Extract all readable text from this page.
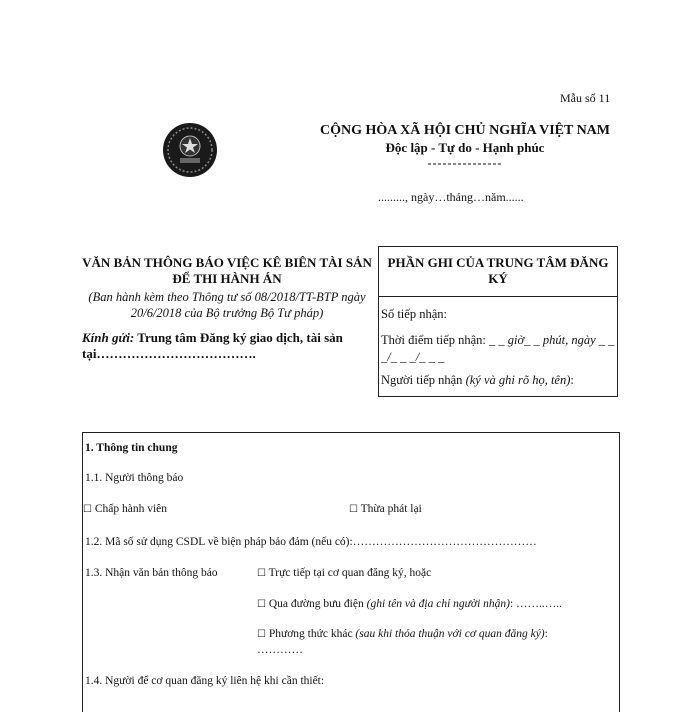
Mẫu số 11
CỘNG HÒA XÃ HỘI CHỦ NGHĨA VIỆT NAM
Độc lập - Tự do - Hạnh phúc
---------------
........., ngày…tháng…năm......
VĂN BẢN THÔNG BÁO VIỆC KÊ BIÊN TÀI SẢN ĐỂ THI HÀNH ÁN
(Ban hành kèm theo Thông tư số 08/2018/TT-BTP ngày 20/6/2018 của Bộ trưởng Bộ Tư pháp)
Kính gửi: Trung tâm Đăng ký giao dịch, tài sản tại……………………………….
PHẦN GHI CỦA TRUNG TÂM ĐĂNG KÝ
Số tiếp nhận:
Thời điểm tiếp nhận: _ _ giờ_ _ phút, ngày _ _ _/_ _ _/_ _ _
Người tiếp nhận (ký và ghi rõ họ, tên):
1. Thông tin chung
1.1. Người thông báo
☐ Chấp hành viên	☐ Thừa phát lại
1.2. Mã số sử dụng CSDL về biện pháp bảo đảm (nếu có):…………………………………………
1.3. Nhận văn bản thông báo	☐ Trực tiếp tại cơ quan đăng ký, hoặc
☐ Qua đường bưu điện (ghi tên và địa chỉ người nhận): ……..…..
☐ Phương thức khác (sau khi thỏa thuận với cơ quan đăng ký):
…………
1.4. Người để cơ quan đăng ký liên hệ khi cần thiết:
